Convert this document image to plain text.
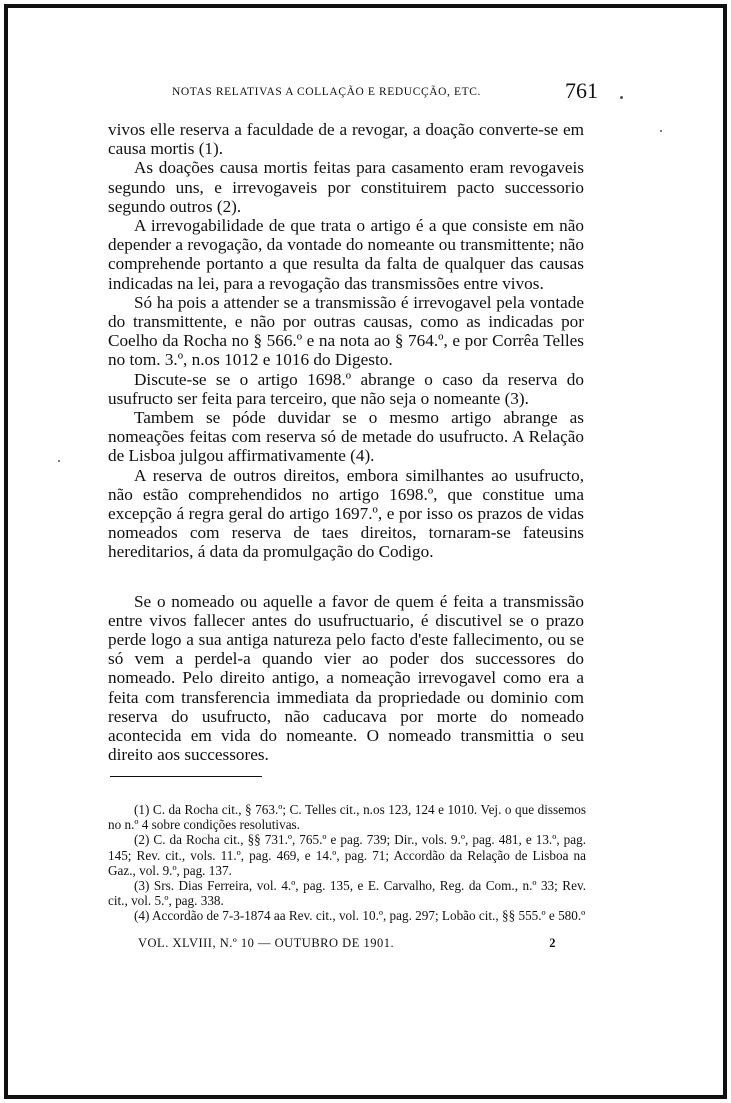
NOTAS RELATIVAS A COLLAÇÃO E REDUCÇÃO, ETC.	761

vivos elle reserva a faculdade de a revogar, a doação converte-se em causa mortis (1).

As doações causa mortis feitas para casamento eram revogaveis segundo uns, e irrevogaveis por constituirem pacto successorio segundo outros (2).

A irrevogabilidade de que trata o artigo é a que consiste em não depender a revogação, da vontade do nomeante ou transmittente; não comprehende portanto a que resulta da falta de qualquer das causas indicadas na lei, para a revogação das transmissões entre vivos.

Só ha pois a attender se a transmissão é irrevogavel pela vontade do transmittente, e não por outras causas, como as indicadas por Coelho da Rocha no § 566.º e na nota ao § 764.º, e por Corrêa Telles no tom. 3.º, n.os 1012 e 1016 do Digesto.

Discute-se se o artigo 1698.º abrange o caso da reserva do usufructo ser feita para terceiro, que não seja o nomeante (3).

Tambem se póde duvidar se o mesmo artigo abrange as nomeações feitas com reserva só de metade do usufructo. A Relação de Lisboa julgou affirmativamente (4).

A reserva de outros direitos, embora similhantes ao usufructo, não estão comprehendidos no artigo 1698.º, que constitue uma excepção á regra geral do artigo 1697.º, e por isso os prazos de vidas nomeados com reserva de taes direitos, tornaram-se fateusins hereditarios, á data da promulgação do Codigo.

Se o nomeado ou aquelle a favor de quem é feita a transmissão entre vivos fallecer antes do usufructuario, é discutivel se o prazo perde logo a sua antiga natureza pelo facto d'este fallecimento, ou se só vem a perdel-a quando vier ao poder dos successores do nomeado. Pelo direito antigo, a nomeação irrevogavel como era a feita com transferencia immediata da propriedade ou dominio com reserva do usufructo, não caducava por morte do nomeado acontecida em vida do nomeante. O nomeado transmittia o seu direito aos successores.

(1) C. da Rocha cit., § 763.º; C. Telles cit., n.os 123, 124 e 1010. Vej. o que dissemos no n.º 4 sobre condições resolutivas.

(2) C. da Rocha cit., §§ 731.º, 765.º e pag. 739; Dir., vols. 9.º, pag. 481, e 13.º, pag. 145; Rev. cit., vols. 11.º, pag. 469, e 14.º, pag. 71; Accordão da Relação de Lisboa na Gaz., vol. 9.º, pag. 137.

(3) Srs. Dias Ferreira, vol. 4.º, pag. 135, e E. Carvalho, Reg. da Com., n.º 33; Rev. cit., vol. 5.º, pag. 338.

(4) Accordão de 7-3-1874 aa Rev. cit., vol. 10.º, pag. 297; Lobão cit., §§ 555.º e 580.º

VOL. XLVIII, N.º 10 — OUTUBRO DE 1901.	2
